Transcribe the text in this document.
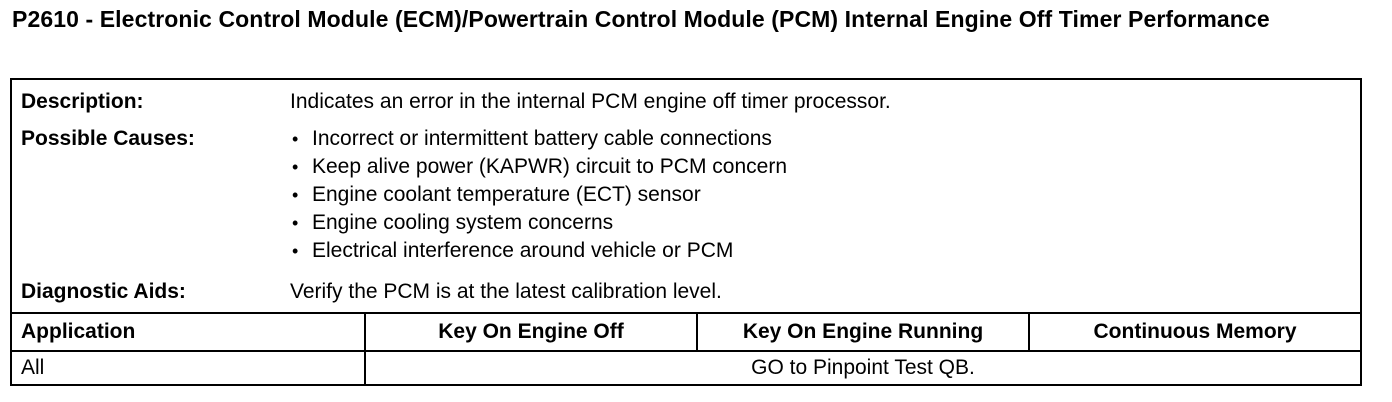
P2610 - Electronic Control Module (ECM)/Powertrain Control Module (PCM) Internal Engine Off Timer Performance
Description:	Indicates an error in the internal PCM engine off timer processor.
Possible Causes:	• Incorrect or intermittent battery cable connections
• Keep alive power (KAPWR) circuit to PCM concern
• Engine coolant temperature (ECT) sensor
• Engine cooling system concerns
• Electrical interference around vehicle or PCM
Diagnostic Aids:	Verify the PCM is at the latest calibration level.
Application	Key On Engine Off	Key On Engine Running	Continuous Memory
All	GO to Pinpoint Test QB.
